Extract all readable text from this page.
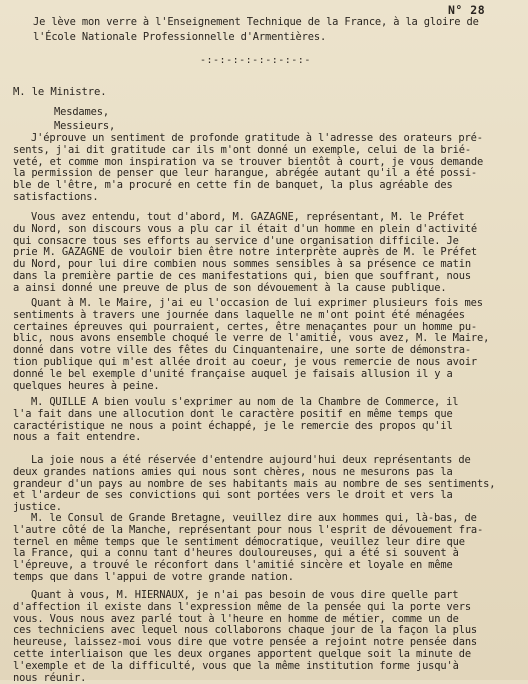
N° 28
Je lève mon verre à l'Enseignement Technique de la France, à la gloire de
l'École Nationale Professionnelle d'Armentières.
-:-:-:-:-:-:-:-:-
M. le Ministre.
Mesdames,
Messieurs,
J'éprouve un sentiment de profonde gratitude à l'adresse des orateurs pré-
sents, j'ai dit gratitude car ils m'ont donné un exemple, celui de la brié-
veté, et comme mon inspiration va se trouver bientôt à court, je vous demande
la permission de penser que leur harangue, abrégée autant qu'il a été possi-
ble de l'être, m'a procuré en cette fin de banquet, la plus agréable des
satisfactions.
Vous avez entendu, tout d'abord, M. GAZAGNE, représentant, M. le Préfet
du Nord, son discours vous a plu car il était d'un homme en plein d'activité
qui consacre tous ses efforts au service d'une organisation difficile. Je
prie M. GAZAGNE de vouloir bien être notre interprète auprès de M. le Préfet
du Nord, pour lui dire combien nous sommes sensibles à sa présence ce matin
dans la première partie de ces manifestations qui, bien que souffrant, nous
a ainsi donné une preuve de plus de son dévouement à la cause publique.
Quant à M. le Maire, j'ai eu l'occasion de lui exprimer plusieurs fois mes
sentiments à travers une journée dans laquelle ne m'ont point été ménagées
certaines épreuves qui pourraient, certes, être menaçantes pour un homme pu-
blic, nous avons ensemble choqué le verre de l'amitié, vous avez, M. le Maire,
donné dans votre ville des fêtes du Cinquantenaire, une sorte de démonstra-
tion publique qui m'est allée droit au coeur, je vous remercie de nous avoir
donné le bel exemple d'unité française auquel je faisais allusion il y a
quelques heures à peine.
M. QUILLE A bien voulu s'exprimer au nom de la Chambre de Commerce, il
l'a fait dans une allocution dont le caractère positif en même temps que
caractéristique ne nous a point échappé, je le remercie des propos qu'il
nous a fait entendre.
La joie nous a été réservée d'entendre aujourd'hui deux représentants de
deux grandes nations amies qui nous sont chères, nous ne mesurons pas la
grandeur d'un pays au nombre de ses habitants mais au nombre de ses sentiments,
et l'ardeur de ses convictions qui sont portées vers le droit et vers la
justice.
M. le Consul de Grande Bretagne, veuillez dire aux hommes qui, là-bas, de
l'autre côté de la Manche, représentant pour nous l'esprit de dévouement fra-
ternel en même temps que le sentiment démocratique, veuillez leur dire que
la France, qui a connu tant d'heures douloureuses, qui a été si souvent à
l'épreuve, a trouvé le réconfort dans l'amitié sincère et loyale en même
temps que dans l'appui de votre grande nation.
Quant à vous, M. HIERNAUX, je n'ai pas besoin de vous dire quelle part
d'affection il existe dans l'expression même de la pensée qui la porte vers
vous. Vous nous avez parlé tout à l'heure en homme de métier, comme un de
ces techniciens avec lequel nous collaborons chaque jour de la façon la plus
heureuse, laissez-moi vous dire que votre pensée a rejoint notre pensée dans
cette interliaison que les deux organes apportent quelque soit la minute de
l'exemple et de la difficulté, vous que la même institution forme jusqu'à
nous réunir.
